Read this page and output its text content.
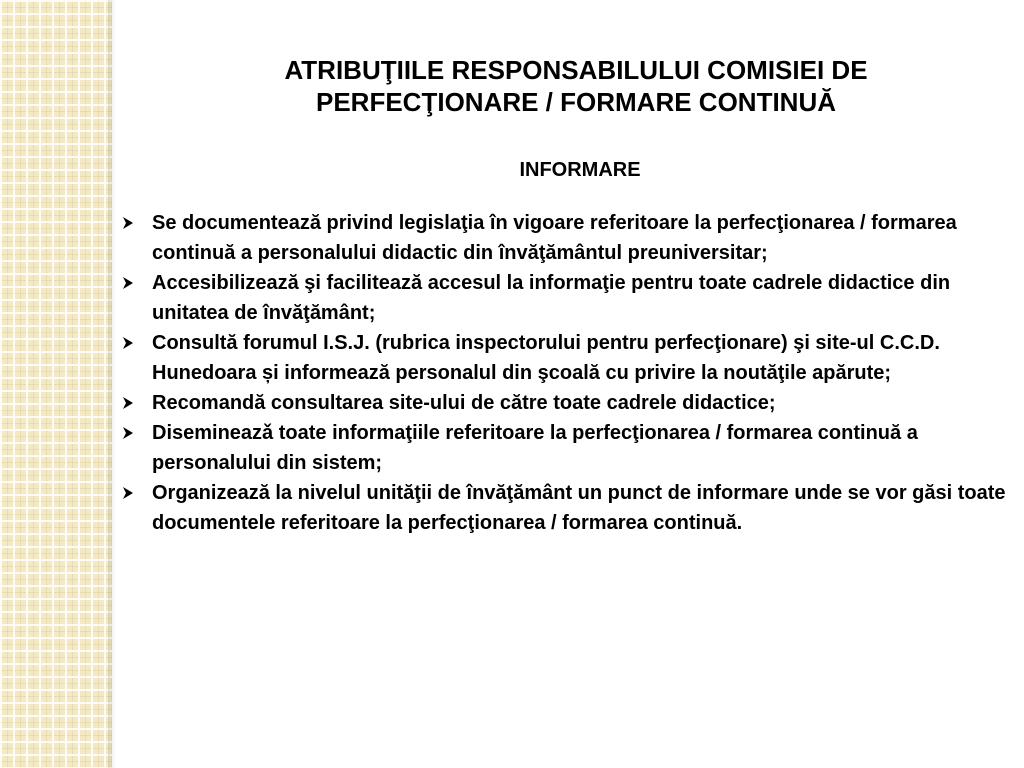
ATRIBUŢIILE RESPONSABILULUI COMISIEI DE
PERFECŢIONARE / FORMARE CONTINUĂ
INFORMARE
Se documentează privind legislaţia în vigoare referitoare la perfecţionarea / formarea continuă a personalului didactic din învăţământul preuniversitar;
Accesibilizează şi facilitează accesul la informaţie pentru toate cadrele didactice din unitatea de învăţământ;
Consultă forumul I.S.J. (rubrica inspectorului pentru perfecţionare) şi site-ul C.C.D. Hunedoara și informează personalul din şcoală cu privire la noutăţile apărute;
Recomandă consultarea site-ului de către toate cadrele didactice;
Disemineazǎ toate informaţiile referitoare la perfecţionarea / formarea continuă a personalului din sistem;
Organizează la nivelul unităţii de învăţământ un punct de informare unde se vor găsi toate documentele referitoare la perfecţionarea / formarea continuă.
